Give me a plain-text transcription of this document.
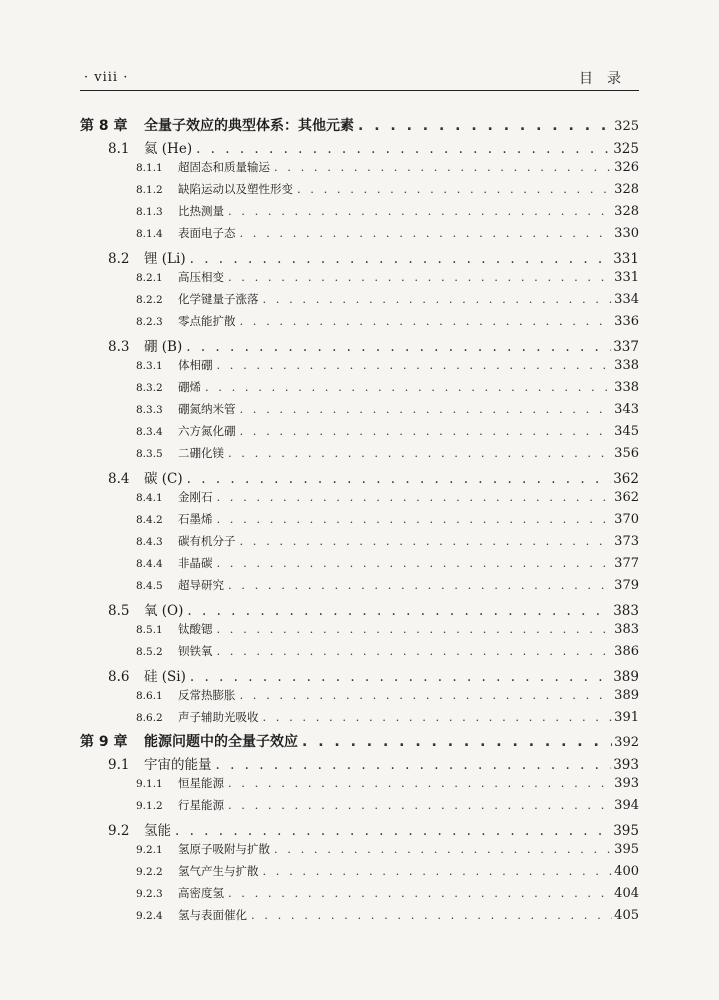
· viii ·	目录
第 8 章	全量子效应的典型体系：其他元素 . . .	325
8.1	氦 (He) . . .	325
8.1.1	超固态和质量输运 . . .	326
8.1.2	缺陷运动以及塑性形变 . . .	328
8.1.3	比热测量 . . .	328
8.1.4	表面电子态 . . .	330
8.2	锂 (Li) . . .	331
8.2.1	高压相变 . . .	331
8.2.2	化学键量子涨落 . . .	334
8.2.3	零点能扩散 . . .	336
8.3	硼 (B) . . .	337
8.3.1	体相硼 . . .	338
8.3.2	硼烯 . . .	338
8.3.3	硼氮纳米管 . . .	343
8.3.4	六方氮化硼 . . .	345
8.3.5	二硼化镁 . . .	356
8.4	碳 (C) . . .	362
8.4.1	金刚石 . . .	362
8.4.2	石墨烯 . . .	370
8.4.3	碳有机分子 . . .	373
8.4.4	非晶碳 . . .	377
8.4.5	超导研究 . . .	379
8.5	氧 (O) . . .	383
8.5.1	钛酸锶 . . .	383
8.5.2	钡铁氧 . . .	386
8.6	硅 (Si) . . .	389
8.6.1	反常热膨胀 . . .	389
8.6.2	声子辅助光吸收 . . .	391
第 9 章	能源问题中的全量子效应 . . .	392
9.1	宇宙的能量 . . .	393
9.1.1	恒星能源 . . .	393
9.1.2	行星能源 . . .	394
9.2	氢能 . . .	395
9.2.1	氢原子吸附与扩散 . . .	395
9.2.2	氢气产生与扩散 . . .	400
9.2.3	高密度氢 . . .	404
9.2.4	氢与表面催化 . . .	405
